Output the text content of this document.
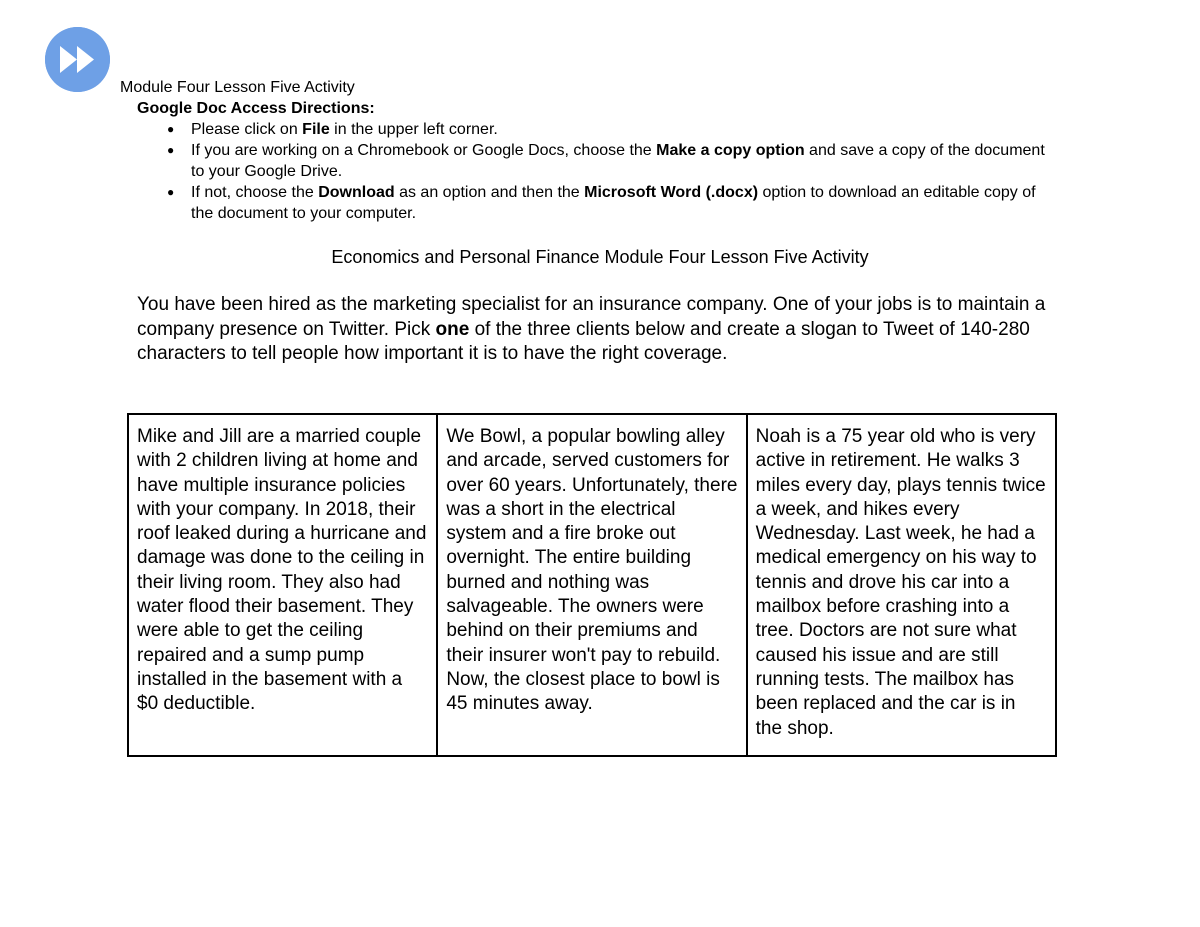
Module Four Lesson Five Activity
Google Doc Access Directions:
● Please click on File in the upper left corner.
● If you are working on a Chromebook or Google Docs, choose the Make a copy option and save a copy of the document to your Google Drive.
● If not, choose the Download as an option and then the Microsoft Word (.docx) option to download an editable copy of the document to your computer.
Economics and Personal Finance Module Four Lesson Five Activity
You have been hired as the marketing specialist for an insurance company. One of your jobs is to maintain a company presence on Twitter. Pick one of the three clients below and create a slogan to Tweet of 140-280 characters to tell people how important it is to have the right coverage.
Mike and Jill are a married couple with 2 children living at home and have multiple insurance policies with your company. In 2018, their roof leaked during a hurricane and damage was done to the ceiling in their living room. They also had water flood their basement. They were able to get the ceiling repaired and a sump pump installed in the basement with a $0 deductible.	We Bowl, a popular bowling alley and arcade, served customers for over 60 years. Unfortunately, there was a short in the electrical system and a fire broke out overnight. The entire building burned and nothing was salvageable. The owners were behind on their premiums and their insurer won't pay to rebuild. Now, the closest place to bowl is 45 minutes away.	Noah is a 75 year old who is very active in retirement. He walks 3 miles every day, plays tennis twice a week, and hikes every Wednesday. Last week, he had a medical emergency on his way to tennis and drove his car into a mailbox before crashing into a tree. Doctors are not sure what caused his issue and are still running tests. The mailbox has been replaced and the car is in the shop.
